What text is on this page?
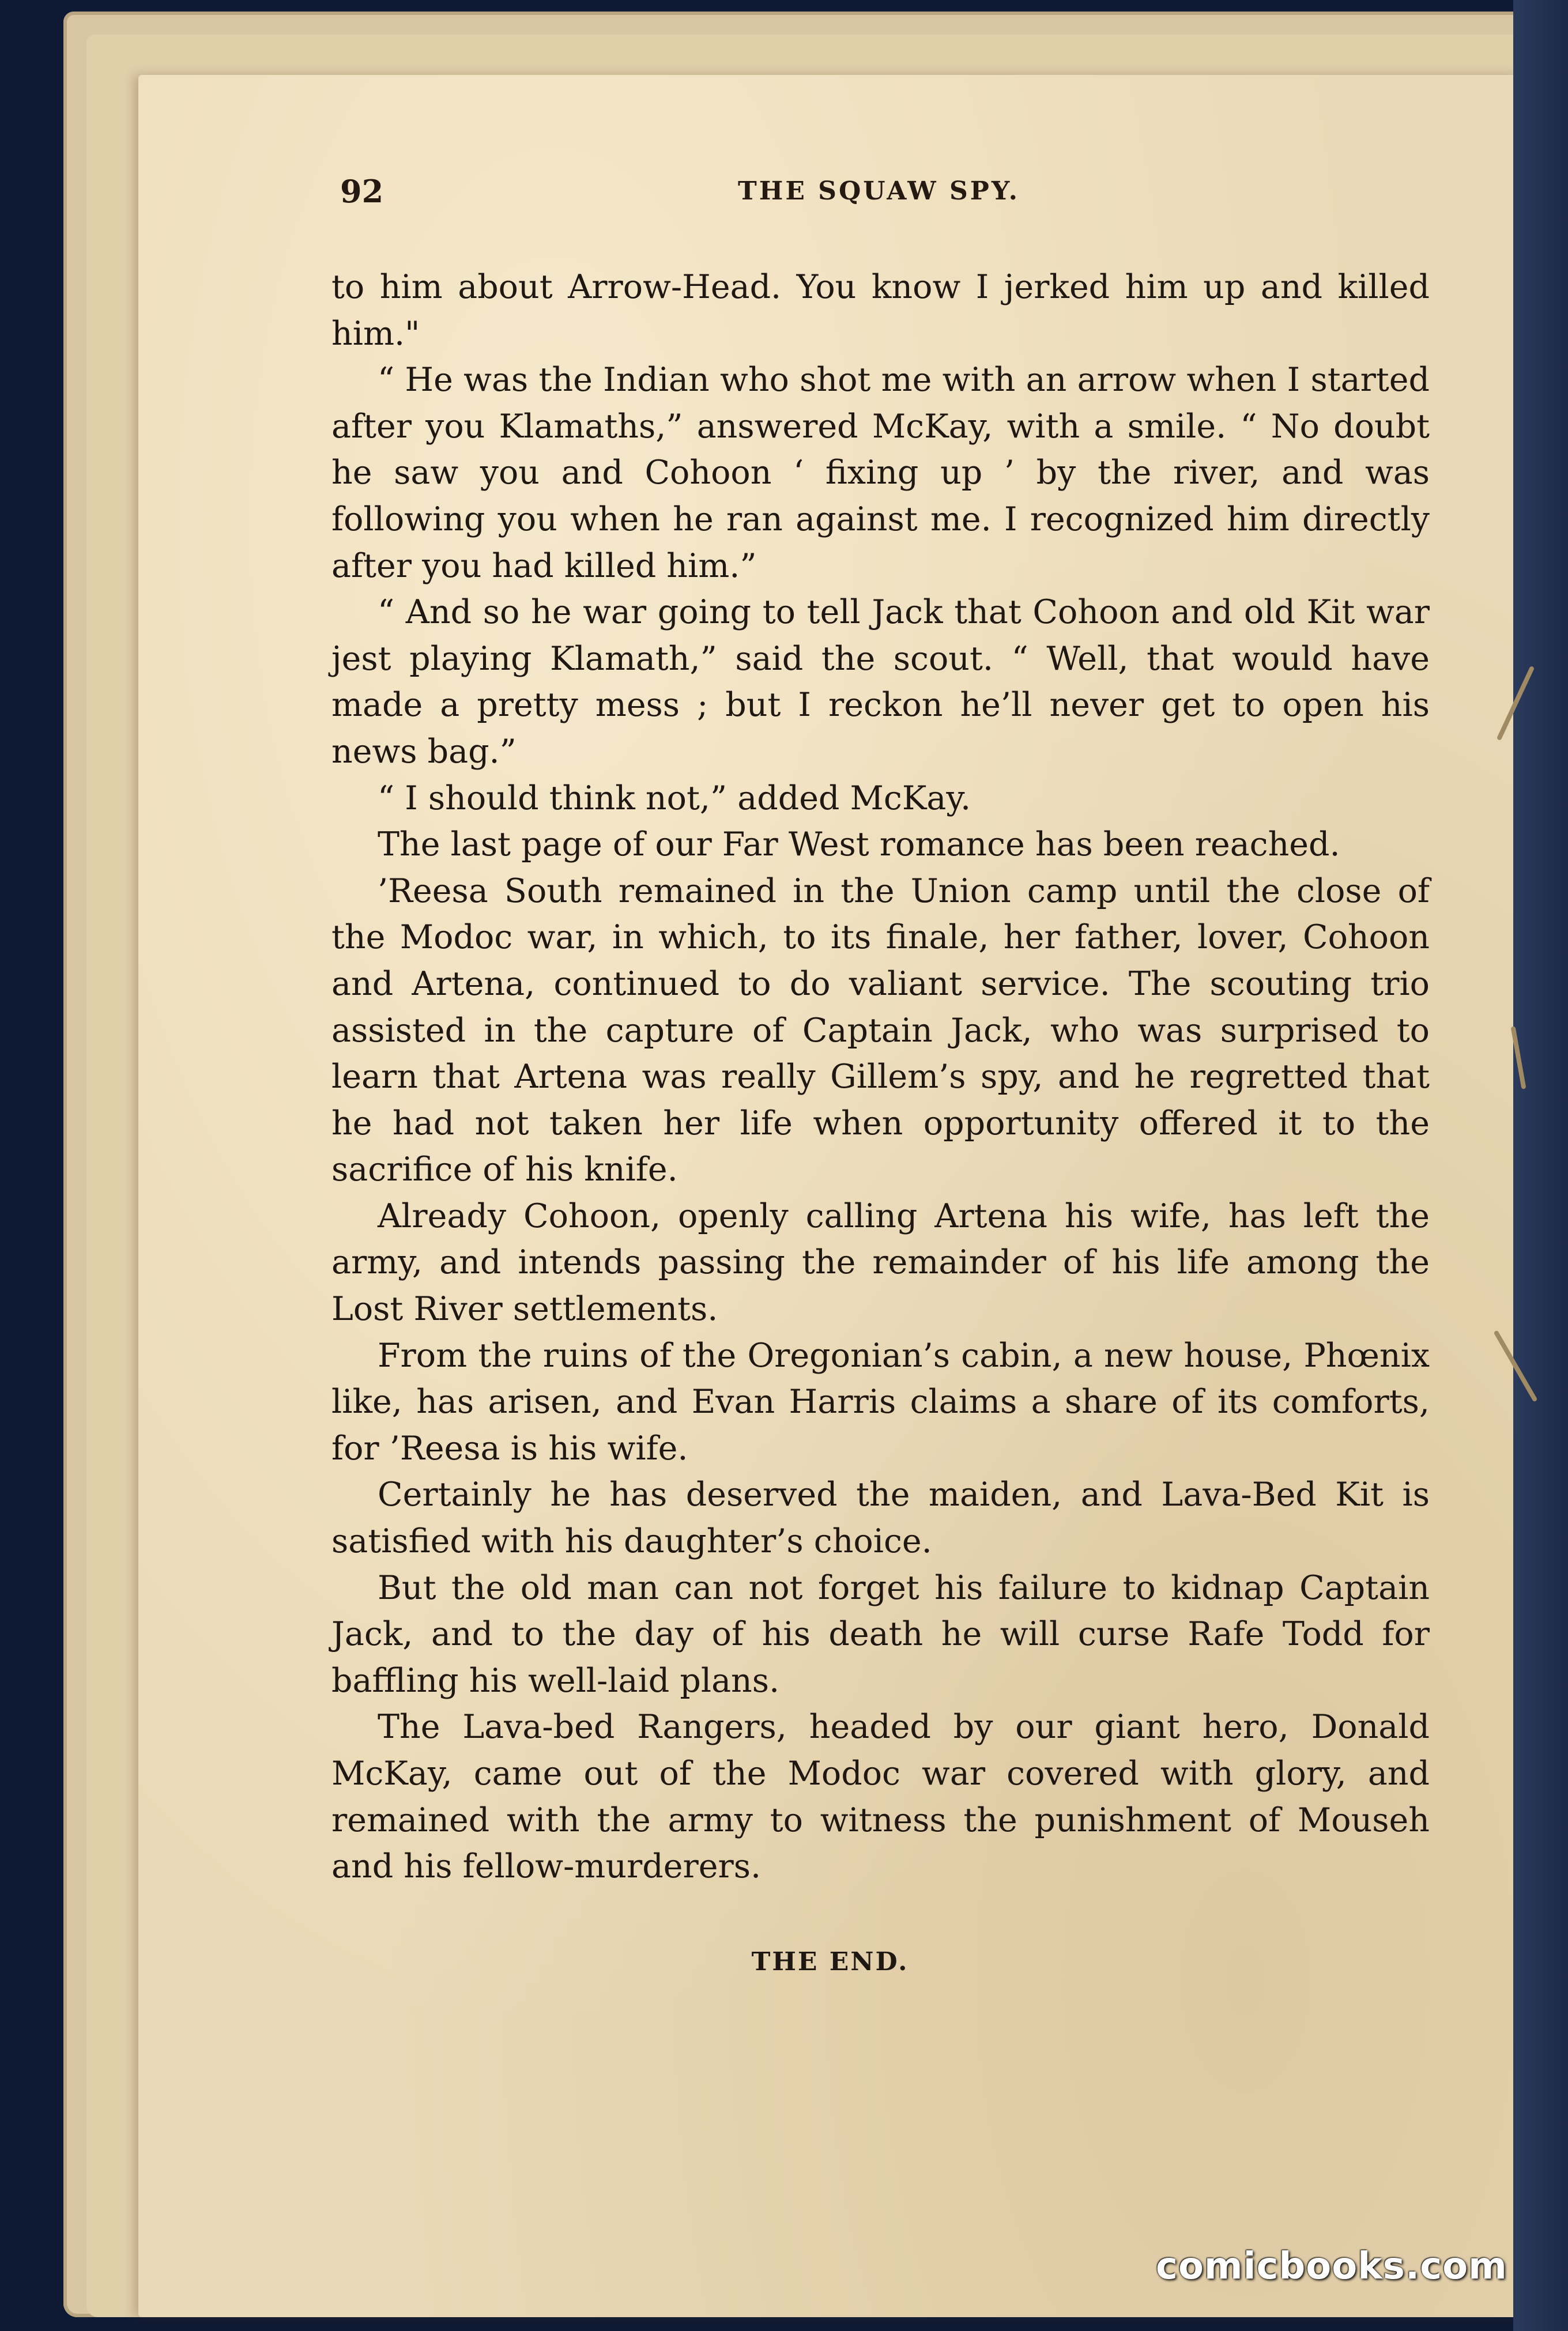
92	THE SQUAW SPY.

to him about Arrow-Head. You know I jerked him up and killed him."

“ He was the Indian who shot me with an arrow when I started after you Klamaths,” answered McKay, with a smile. “ No doubt he saw you and Cohoon ‘ fixing up ’ by the river, and was following you when he ran against me. I recognized him directly after you had killed him.”

“ And so he war going to tell Jack that Cohoon and old Kit war jest playing Klamath,” said the scout. “ Well, that would have made a pretty mess ; but I reckon he’ll never get to open his news bag.”

“ I should think not,” added McKay.

The last page of our Far West romance has been reached.

’Reesa South remained in the Union camp until the close of the Modoc war, in which, to its finale, her father, lover, Cohoon and Artena, continued to do valiant service. The scouting trio assisted in the capture of Captain Jack, who was surprised to learn that Artena was really Gillem’s spy, and he regretted that he had not taken her life when opportunity offered it to the sacrifice of his knife.

Already Cohoon, openly calling Artena his wife, has left the army, and intends passing the remainder of his life among the Lost River settlements.

From the ruins of the Oregonian’s cabin, a new house, Phœnix like, has arisen, and Evan Harris claims a share of its comforts, for ’Reesa is his wife.

Certainly he has deserved the maiden, and Lava-Bed Kit is satisfied with his daughter’s choice.

But the old man can not forget his failure to kidnap Captain Jack, and to the day of his death he will curse Rafe Todd for baffling his well-laid plans.

The Lava-bed Rangers, headed by our giant hero, Donald McKay, came out of the Modoc war covered with glory, and remained with the army to witness the punishment of Mouseh and his fellow-murderers.

THE END.
comicbooks.com
